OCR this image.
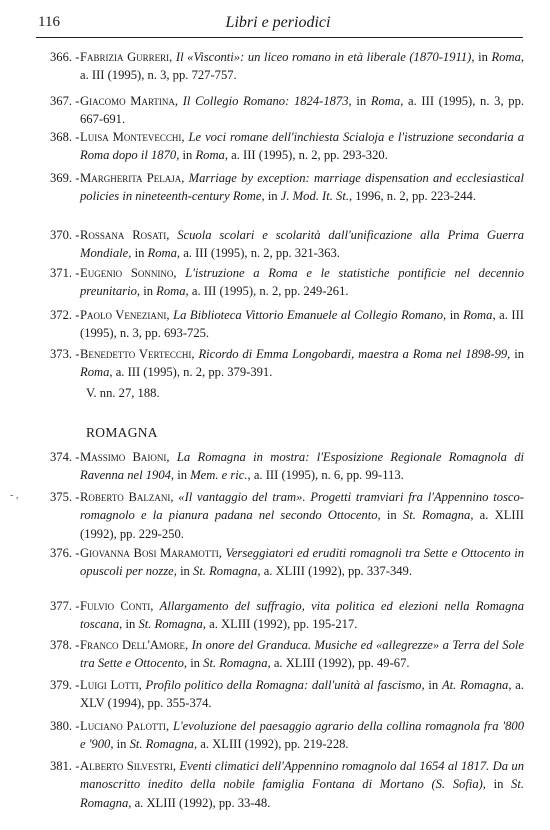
116	Libri e periodici
366. - Fabrizia Gurreri, Il «Visconti»: un liceo romano in età liberale (1870-1911), in Roma, a. III (1995), n. 3, pp. 727-757.
367. - Giacomo Martina, Il Collegio Romano: 1824-1873, in Roma, a. III (1995), n. 3, pp. 667-691.
368. - Luisa Montevecchi, Le voci romane dell'inchiesta Scialoja e l'istruzione secondaria a Roma dopo il 1870, in Roma, a. III (1995), n. 2, pp. 293-320.
369. - Margherita Pelaja, Marriage by exception: marriage dispensation and ecclesiastical policies in nineteenth-century Rome, in J. Mod. It. St., 1996, n. 2, pp. 223-244.
370. - Rossana Rosati, Scuola scolari e scolarità dall'unificazione alla Prima Guerra Mondiale, in Roma, a. III (1995), n. 2, pp. 321-363.
371. - Eugenio Sonnino, L'istruzione a Roma e le statistiche pontificie nel decennio preunitario, in Roma, a. III (1995), n. 2, pp. 249-261.
372. - Paolo Veneziani, La Biblioteca Vittorio Emanuele al Collegio Romano, in Roma, a. III (1995), n. 3, pp. 693-725.
373. - Benedetto Vertecchi, Ricordo di Emma Longobardi, maestra a Roma nel 1898-99, in Roma, a. III (1995), n. 2, pp. 379-391.
V. nn. 27, 188.
ROMAGNA
- ,
374. - Massimo Baioni, La Romagna in mostra: l'Esposizione Regionale Romagnola di Ravenna nel 1904, in Mem. e ric., a. III (1995), n. 6, pp. 99-113.
375. - Roberto Balzani, «Il vantaggio del tram». Progetti tramviari fra l'Appennino tosco-romagnolo e la pianura padana nel secondo Ottocento, in St. Romagna, a. XLIII (1992), pp. 229-250.
376. - Giovanna Bosi Maramotti, Verseggiatori ed eruditi romagnoli tra Sette e Ottocento in opuscoli per nozze, in St. Romagna, a. XLIII (1992), pp. 337-349.
377. - Fulvio Conti, Allargamento del suffragio, vita politica ed elezioni nella Romagna toscana, in St. Romagna, a. XLIII (1992), pp. 195-217.
378. - Franco Dell'Amore, In onore del Granduca. Musiche ed «allegrezze» a Terra del Sole tra Sette e Ottocento, in St. Romagna, a. XLIII (1992), pp. 49-67.
379. - Luigi Lotti, Profilo politico della Romagna: dall'unità al fascismo, in At. Romagna, a. XLV (1994), pp. 355-374.
380. - Luciano Palotti, L'evoluzione del paesaggio agrario della collina romagnola fra '800 e '900, in St. Romagna, a. XLIII (1992), pp. 219-228.
381. - Alberto Silvestri, Eventi climatici dell'Appennino romagnolo dal 1654 al 1817. Da un manoscritto inedito della nobile famiglia Fontana di Mortano (S. Sofia), in St. Romagna, a. XLIII (1992), pp. 33-48.
